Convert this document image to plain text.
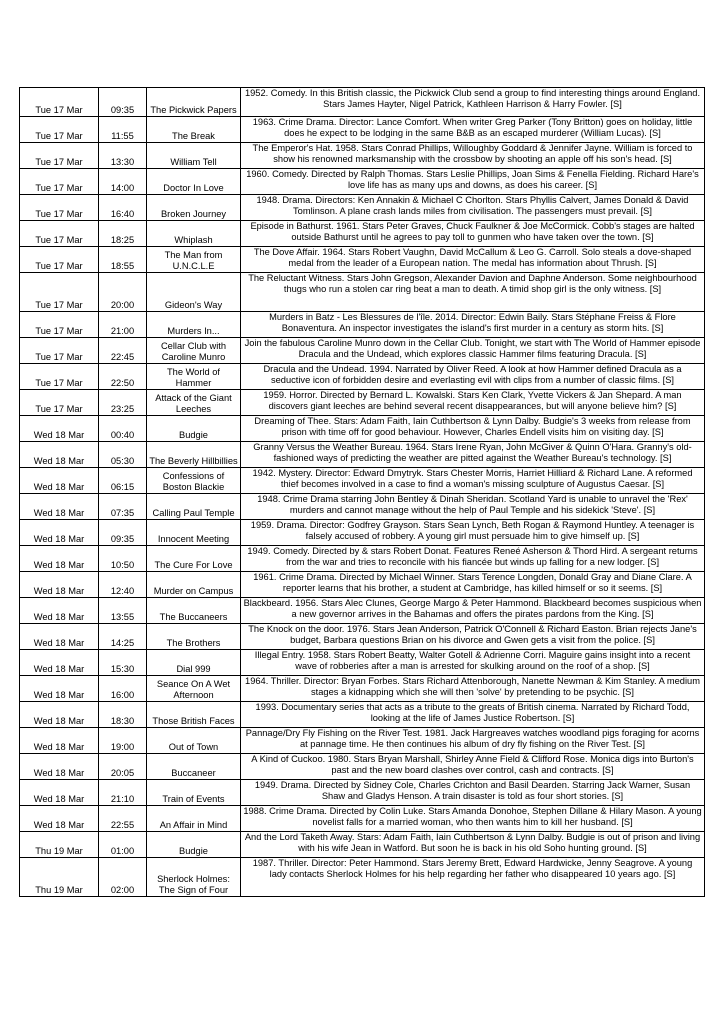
Tue 17 Mar	09:35	The Pickwick Papers	1952. Comedy. In this British classic, the Pickwick Club send a group to find interesting things around England. Stars James Hayter, Nigel Patrick, Kathleen Harrison & Harry Fowler. [S]
Tue 17 Mar	11:55	The Break	1963. Crime Drama. Director: Lance Comfort. When writer Greg Parker (Tony Britton) goes on holiday, little does he expect to be lodging in the same B&B as an escaped murderer (William Lucas). [S]
Tue 17 Mar	13:30	William Tell	The Emperor's Hat. 1958. Stars Conrad Phillips, Willoughby Goddard & Jennifer Jayne. William is forced to show his renowned marksmanship with the crossbow by shooting an apple off his son's head. [S]
Tue 17 Mar	14:00	Doctor In Love	1960. Comedy. Directed by Ralph Thomas. Stars Leslie Phillips, Joan Sims & Fenella Fielding. Richard Hare's love life has as many ups and downs, as does his career. [S]
Tue 17 Mar	16:40	Broken Journey	1948. Drama. Directors: Ken Annakin & Michael C Chorlton. Stars Phyllis Calvert, James Donald & David Tomlinson. A plane crash lands miles from civilisation. The passengers must prevail. [S]
Tue 17 Mar	18:25	Whiplash	Episode in Bathurst. 1961. Stars Peter Graves, Chuck Faulkner & Joe McCormick. Cobb's stages are halted outside Bathurst until he agrees to pay toll to gunmen who have taken over the town. [S]
Tue 17 Mar	18:55	The Man from U.N.C.L.E	The Dove Affair. 1964. Stars Robert Vaughn, David McCallum & Leo G. Carroll. Solo steals a dove-shaped medal from the leader of a European nation. The medal has information about Thrush. [S]
Tue 17 Mar	20:00	Gideon's Way	The Reluctant Witness. Stars John Gregson, Alexander Davion and Daphne Anderson. Some neighbourhood thugs who run a stolen car ring beat a man to death. A timid shop girl is the only witness. [S]
Tue 17 Mar	21:00	Murders In...	Murders in Batz - Les Blessures de l'île. 2014. Director: Edwin Baily. Stars Stéphane Freiss & Flore Bonaventura. An inspector investigates the island's first murder in a century as storm hits. [S]
Tue 17 Mar	22:45	Cellar Club with Caroline Munro	Join the fabulous Caroline Munro down in the Cellar Club. Tonight, we start with The World of Hammer episode Dracula and the Undead, which explores classic Hammer films featuring Dracula. [S]
Tue 17 Mar	22:50	The World of Hammer	Dracula and the Undead. 1994. Narrated by Oliver Reed. A look at how Hammer defined Dracula as a seductive icon of forbidden desire and everlasting evil with clips from a number of classic films. [S]
Tue 17 Mar	23:25	Attack of the Giant Leeches	1959. Horror. Directed by Bernard L. Kowalski. Stars Ken Clark, Yvette Vickers & Jan Shepard. A man discovers giant leeches are behind several recent disappearances, but will anyone believe him? [S]
Wed 18 Mar	00:40	Budgie	Dreaming of Thee. Stars: Adam Faith, Iain Cuthbertson & Lynn Dalby. Budgie's 3 weeks from release from prison with time off for good behaviour. However, Charles Endell visits him on visiting day. [S]
Wed 18 Mar	05:30	The Beverly Hillbillies	Granny Versus the Weather Bureau. 1964. Stars Irene Ryan, John McGiver & Quinn O'Hara. Granny's old-fashioned ways of predicting the weather are pitted against the Weather Bureau's technology. [S]
Wed 18 Mar	06:15	Confessions of Boston Blackie	1942. Mystery. Director: Edward Dmytryk. Stars Chester Morris, Harriet Hilliard & Richard Lane. A reformed thief becomes involved in a case to find a woman's missing sculpture of Augustus Caesar. [S]
Wed 18 Mar	07:35	Calling Paul Temple	1948. Crime Drama starring John Bentley & Dinah Sheridan. Scotland Yard is unable to unravel the 'Rex' murders and cannot manage without the help of Paul Temple and his sidekick 'Steve'. [S]
Wed 18 Mar	09:35	Innocent Meeting	1959. Drama. Director: Godfrey Grayson. Stars Sean Lynch, Beth Rogan & Raymond Huntley. A teenager is falsely accused of robbery. A young girl must persuade him to give himself up. [S]
Wed 18 Mar	10:50	The Cure For Love	1949. Comedy. Directed by & stars Robert Donat. Features Reneé Asherson & Thord Hird. A sergeant returns from the war and tries to reconcile with his fiancée but winds up falling for a new lodger. [S]
Wed 18 Mar	12:40	Murder on Campus	1961. Crime Drama. Directed by Michael Winner. Stars Terence Longden, Donald Gray and Diane Clare. A reporter learns that his brother, a student at Cambridge, has killed himself or so it seems. [S]
Wed 18 Mar	13:55	The Buccaneers	Blackbeard. 1956. Stars Alec Clunes, George Margo & Peter Hammond. Blackbeard becomes suspicious when a new governor arrives in the Bahamas and offers the pirates pardons from the King. [S]
Wed 18 Mar	14:25	The Brothers	The Knock on the door. 1976. Stars Jean Anderson, Patrick O'Connell & Richard Easton. Brian rejects Jane's budget, Barbara questions Brian on his divorce and Gwen gets a visit from the police. [S]
Wed 18 Mar	15:30	Dial 999	Illegal Entry. 1958. Stars Robert Beatty, Walter Gotell & Adrienne Corri. Maguire gains insight into a recent wave of robberies after a man is arrested for skulking around on the roof of a shop. [S]
Wed 18 Mar	16:00	Seance On A Wet Afternoon	1964. Thriller. Director: Bryan Forbes. Stars Richard Attenborough, Nanette Newman & Kim Stanley. A medium stages a kidnapping which she will then 'solve' by pretending to be psychic. [S]
Wed 18 Mar	18:30	Those British Faces	1993. Documentary series that acts as a tribute to the greats of British cinema. Narrated by Richard Todd, looking at the life of James Justice Robertson. [S]
Wed 18 Mar	19:00	Out of Town	Pannage/Dry Fly Fishing on the River Test. 1981. Jack Hargreaves watches woodland pigs foraging for acorns at pannage time. He then continues his album of dry fly fishing on the River Test. [S]
Wed 18 Mar	20:05	Buccaneer	A Kind of Cuckoo. 1980. Stars Bryan Marshall, Shirley Anne Field & Clifford Rose. Monica digs into Burton's past and the new board clashes over control, cash and contracts. [S]
Wed 18 Mar	21:10	Train of Events	1949. Drama. Directed by Sidney Cole, Charles Crichton and Basil Dearden. Starring Jack Warner, Susan Shaw and Gladys Henson. A train disaster is told as four short stories. [S]
Wed 18 Mar	22:55	An Affair in Mind	1988. Crime Drama. Directed by Colin Luke. Stars Amanda Donohoe, Stephen Dillane & Hilary Mason. A young novelist falls for a married woman, who then wants him to kill her husband. [S]
Thu 19 Mar	01:00	Budgie	And the Lord Taketh Away. Stars: Adam Faith, Iain Cuthbertson & Lynn Dalby. Budgie is out of prison and living with his wife Jean in Watford. But soon he is back in his old Soho hunting ground. [S]
Thu 19 Mar	02:00	Sherlock Holmes: The Sign of Four	1987. Thriller. Director: Peter Hammond. Stars Jeremy Brett, Edward Hardwicke, Jenny Seagrove. A young lady contacts Sherlock Holmes for his help regarding her father who disappeared 10 years ago. [S]
